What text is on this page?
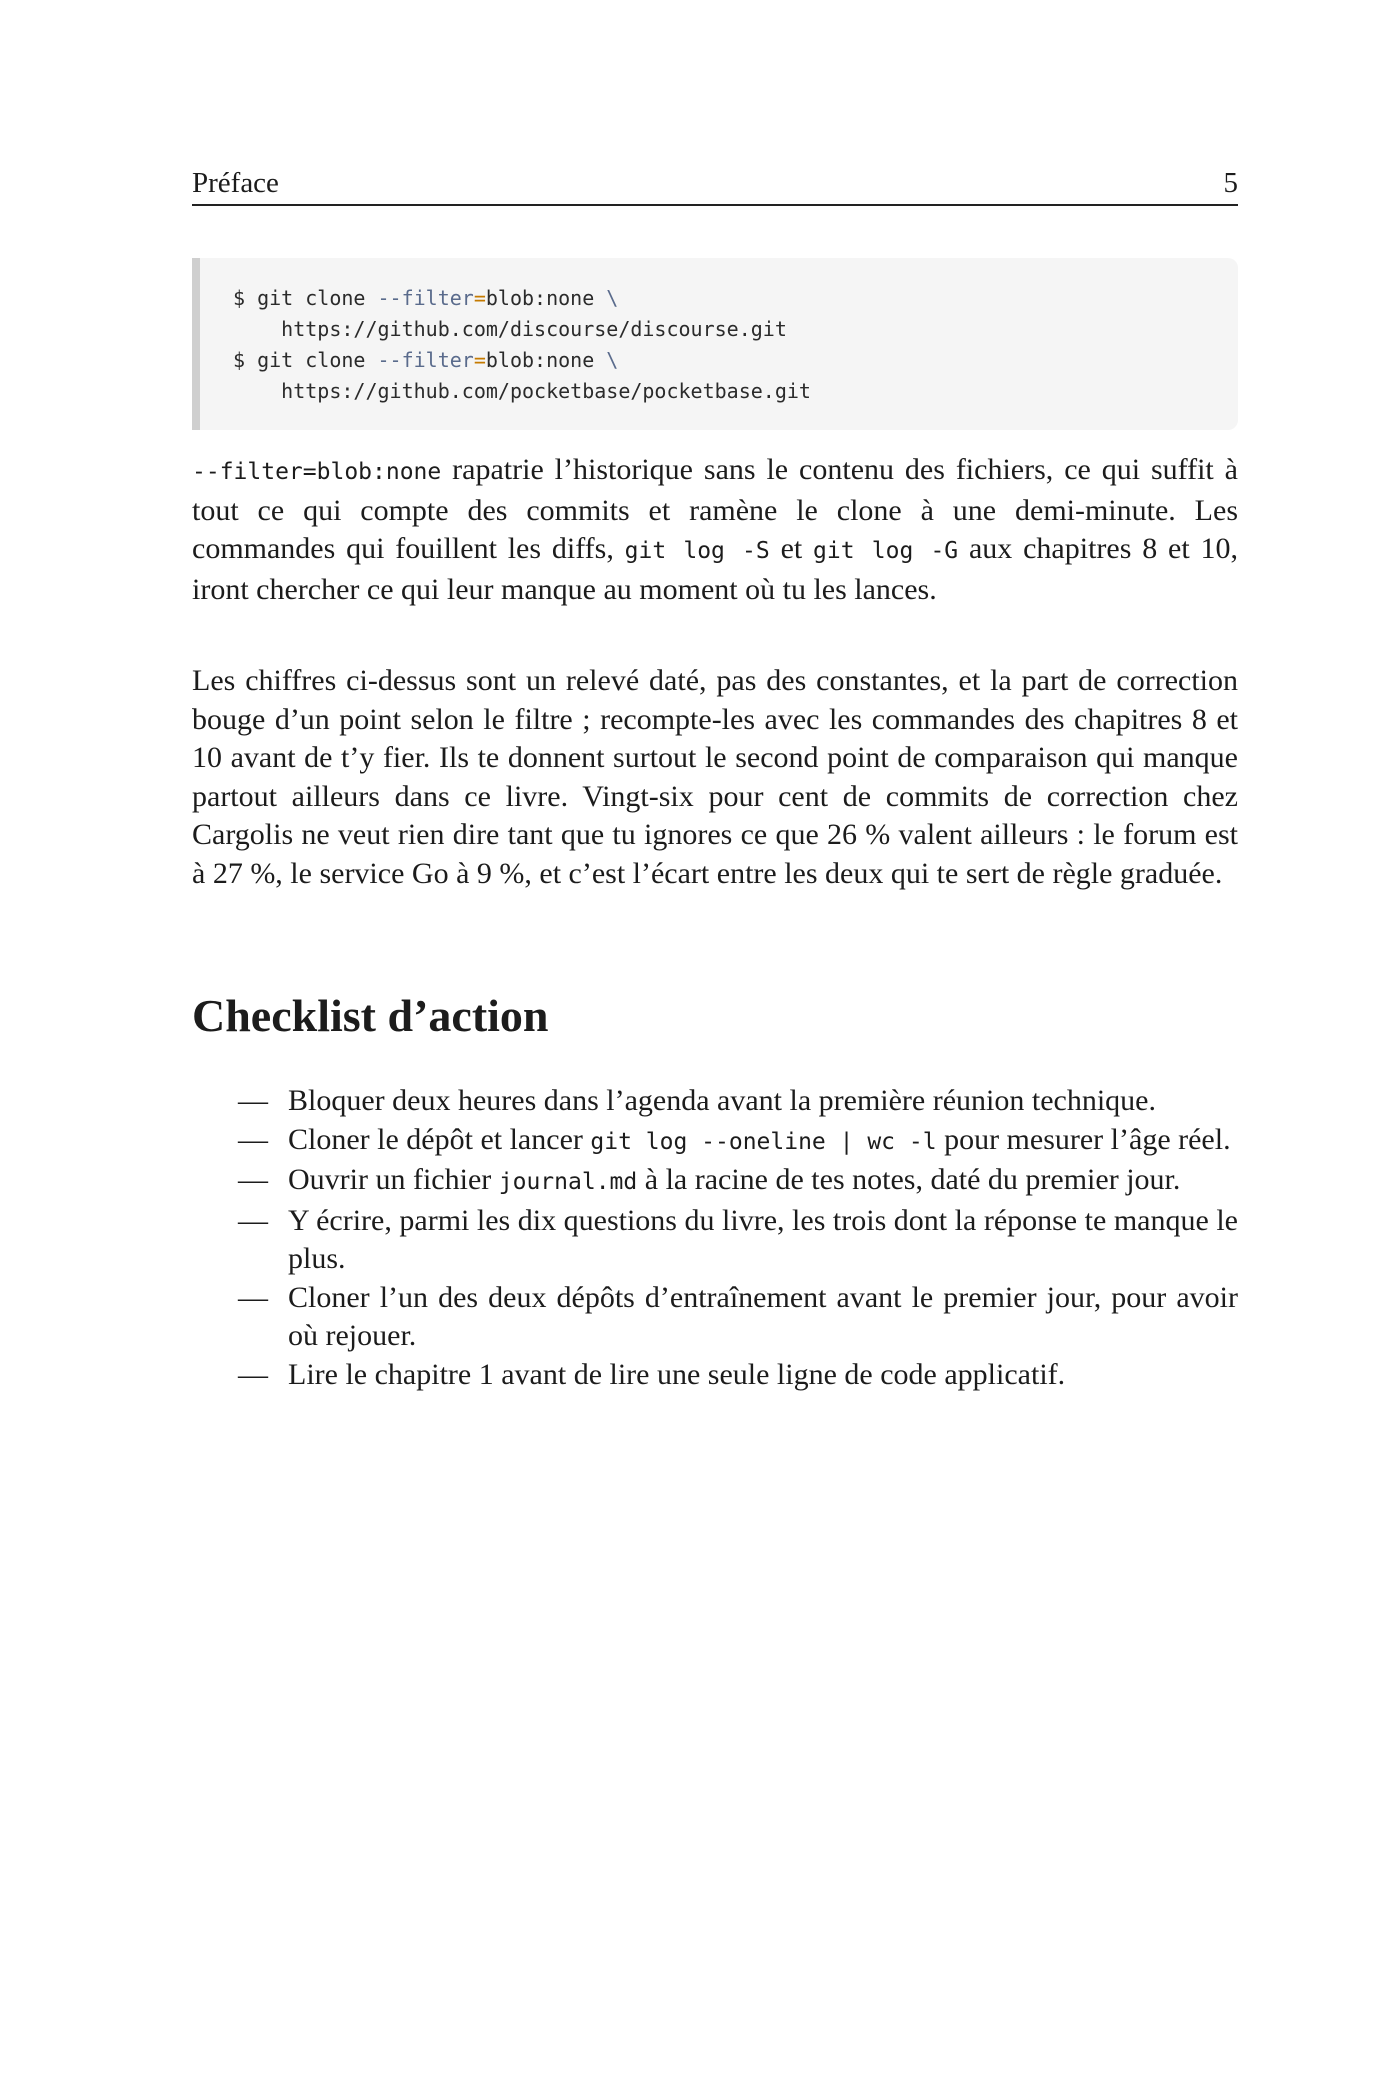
Préface	5
$ git clone --filter=blob:none \
https://github.com/discourse/discourse.git
$ git clone --filter=blob:none \
https://github.com/pocketbase/pocketbase.git

--filter=blob:none rapatrie l’historique sans le contenu des fichiers, ce qui suffit à tout ce qui compte des commits et ramène le clone à une demi-minute. Les commandes qui fouillent les diffs, git log -S et git log -G aux chapitres 8 et 10, iront chercher ce qui leur manque au moment où tu les lances.

Les chiffres ci-dessus sont un relevé daté, pas des constantes, et la part de correction bouge d’un point selon le filtre ; recompte-les avec les commandes des chapitres 8 et 10 avant de t’y fier. Ils te donnent surtout le second point de comparaison qui manque partout ailleurs dans ce livre. Vingt-six pour cent de commits de correction chez Cargolis ne veut rien dire tant que tu ignores ce que 26 % valent ailleurs : le forum est à 27 %, le service Go à 9 %, et c’est l’écart entre les deux qui te sert de règle graduée.

Checklist d’action
— Bloquer deux heures dans l’agenda avant la première réunion technique.
— Cloner le dépôt et lancer git log --oneline | wc -l pour mesurer l’âge réel.
— Ouvrir un fichier journal.md à la racine de tes notes, daté du premier jour.
— Y écrire, parmi les dix questions du livre, les trois dont la réponse te manque le plus.
— Cloner l’un des deux dépôts d’entraînement avant le premier jour, pour avoir où rejouer.
— Lire le chapitre 1 avant de lire une seule ligne de code applicatif.
